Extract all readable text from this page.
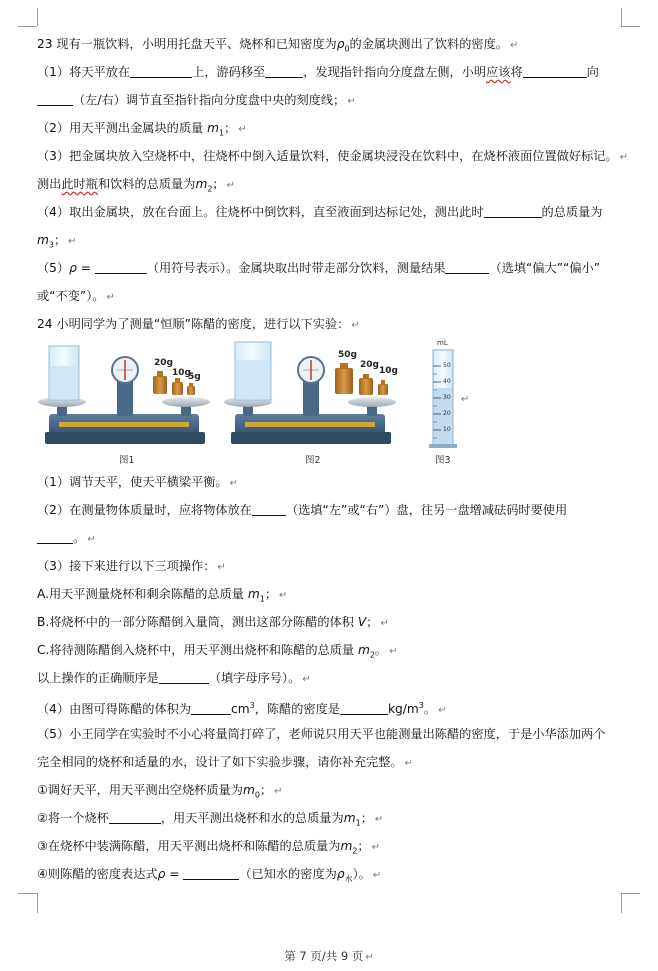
23 现有一瓶饮料，小明用托盘天平、烧杯和已知密度为$\rho_0$的金属块测出了饮料的密度。 ↵
（1）将天平放在	上，游码移至	，发现指针指向分度盘左侧，小明应该将	向
（左/右）调节直至指针指向分度盘中央的刻度线； ↵
（2）用天平测出金属块的质量 $m_1$； ↵
（3）把金属块放入空烧杯中，往烧杯中倒入适量饮料，使金属块浸没在饮料中，在烧杯液面位置做好标记。 ↵
测出此时瓶和饮料的总质量为$m_2$； ↵
（4）取出金属块，放在台面上。往烧杯中倒饮料，直至液面到达标记处，测出此时	的总质量为
$m_3$； ↵
（5）ρ =	（用符号表示）。金属块取出时带走部分饮料，测量结果	（选填“偏大”“偏小”
或“不变”）。 ↵
24 小明同学为了测量“恒顺”陈醋的密度，进行以下实验： ↵
20g
10g
5g
50g
20g
10g
mL
50
40
30
20
10
图1	图2	图3
↵
（1）调节天平，使天平横梁平衡。 ↵
（2）在测量物体质量时，应将物体放在	（选填“左”或“右”）盘，往另一盘增减砝码时要使用
。 ↵
（3）接下来进行以下三项操作： ↵
A.用天平测量烧杯和剩余陈醋的总质量 $m_1$； ↵
B.将烧杯中的一部分陈醋倒入量筒，测出这部分陈醋的体积 V； ↵
C.将待测陈醋倒入烧杯中，用天平测出烧杯和陈醋的总质量 $m_2$。 ↵
以上操作的正确顺序是	（填字母序号）。 ↵
（4）由图可得陈醋的体积为	$cm^3$，陈醋的密度是	$kg/m^3$。 ↵
（5）小王同学在实验时不小心将量筒打碎了，老师说只用天平也能测量出陈醋的密度，于是小华添加两个
完全相同的烧杯和适量的水，设计了如下实验步骤，请你补充完整。 ↵
①调好天平，用天平测出空烧杯质量为$m_0$； ↵
②将一个烧杯	，用天平测出烧杯和水的总质量为$m_1$； ↵
③在烧杯中装满陈醋，用天平测出烧杯和陈醋的总质量为$m_2$； ↵
④则陈醋的密度表达式ρ =	（已知水的密度为$\rho_水$）。 ↵
第 7 页/共 9 页 ↵
